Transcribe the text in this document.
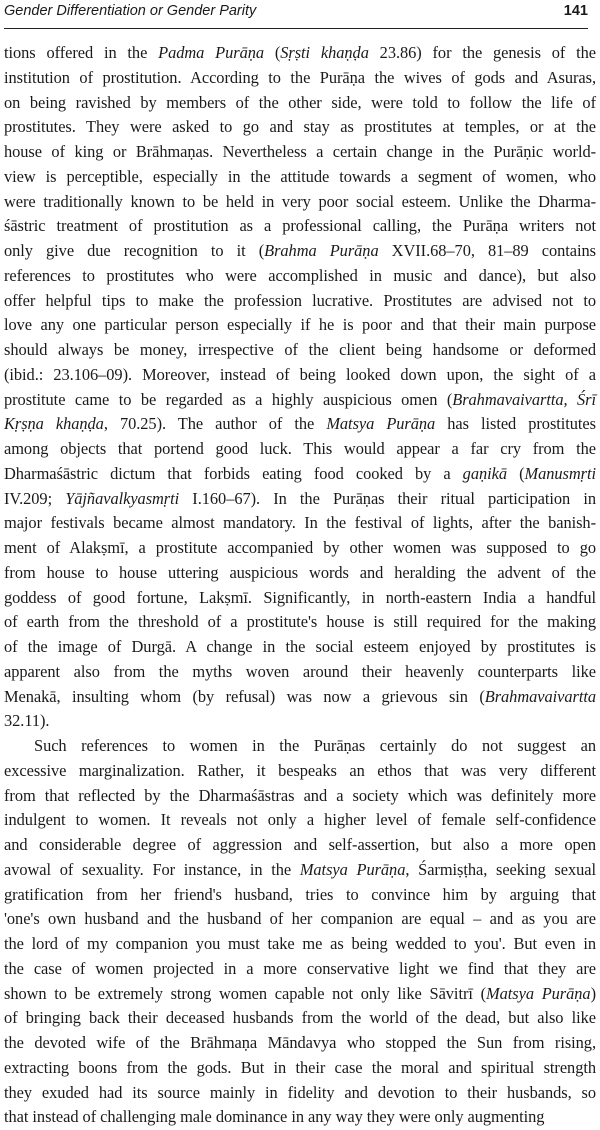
Gender Differentiation or Gender Parity	141
tions offered in the Padma Purāṇa (Sṛṣti khaṇḍa 23.86) for the genesis of the
institution of prostitution. According to the Purāṇa the wives of gods and Asuras,
on being ravished by members of the other side, were told to follow the life of
prostitutes. They were asked to go and stay as prostitutes at temples, or at the
house of king or Brāhmaṇas. Nevertheless a certain change in the Purāṇic world-
view is perceptible, especially in the attitude towards a segment of women, who
were traditionally known to be held in very poor social esteem. Unlike the Dharma-
śāstric treatment of prostitution as a professional calling, the Purāṇa writers not
only give due recognition to it (Brahma Purāṇa XVII.68–70, 81–89 contains
references to prostitutes who were accomplished in music and dance), but also
offer helpful tips to make the profession lucrative. Prostitutes are advised not to
love any one particular person especially if he is poor and that their main purpose
should always be money, irrespective of the client being handsome or deformed
(ibid.: 23.106–09). Moreover, instead of being looked down upon, the sight of a
prostitute came to be regarded as a highly auspicious omen (Brahmavaivartta, Śrī
Kṛṣṇa khaṇḍa, 70.25). The author of the Matsya Purāṇa has listed prostitutes
among objects that portend good luck. This would appear a far cry from the
Dharmaśāstric dictum that forbids eating food cooked by a gaṇikā (Manusmṛti
IV.209; Yājñavalkyasmṛti I.160–67). In the Purāṇas their ritual participation in
major festivals became almost mandatory. In the festival of lights, after the banish-
ment of Alakṣmī, a prostitute accompanied by other women was supposed to go
from house to house uttering auspicious words and heralding the advent of the
goddess of good fortune, Lakṣmī. Significantly, in north-eastern India a handful
of earth from the threshold of a prostitute's house is still required for the making
of the image of Durgā. A change in the social esteem enjoyed by prostitutes is
apparent also from the myths woven around their heavenly counterparts like
Menakā, insulting whom (by refusal) was now a grievous sin (Brahmavaivartta
32.11).
Such references to women in the Purāṇas certainly do not suggest an
excessive marginalization. Rather, it bespeaks an ethos that was very different
from that reflected by the Dharmaśāstras and a society which was definitely more
indulgent to women. It reveals not only a higher level of female self-confidence
and considerable degree of aggression and self-assertion, but also a more open
avowal of sexuality. For instance, in the Matsya Purāṇa, Śarmiṣṭha, seeking sexual
gratification from her friend's husband, tries to convince him by arguing that
'one's own husband and the husband of her companion are equal – and as you are
the lord of my companion you must take me as being wedded to you'. But even in
the case of women projected in a more conservative light we find that they are
shown to be extremely strong women capable not only like Sāvitrī (Matsya Purāṇa)
of bringing back their deceased husbands from the world of the dead, but also like
the devoted wife of the Brāhmaṇa Māndavya who stopped the Sun from rising,
extracting boons from the gods. But in their case the moral and spiritual strength
they exuded had its source mainly in fidelity and devotion to their husbands, so
that instead of challenging male dominance in any way they were only augmenting
